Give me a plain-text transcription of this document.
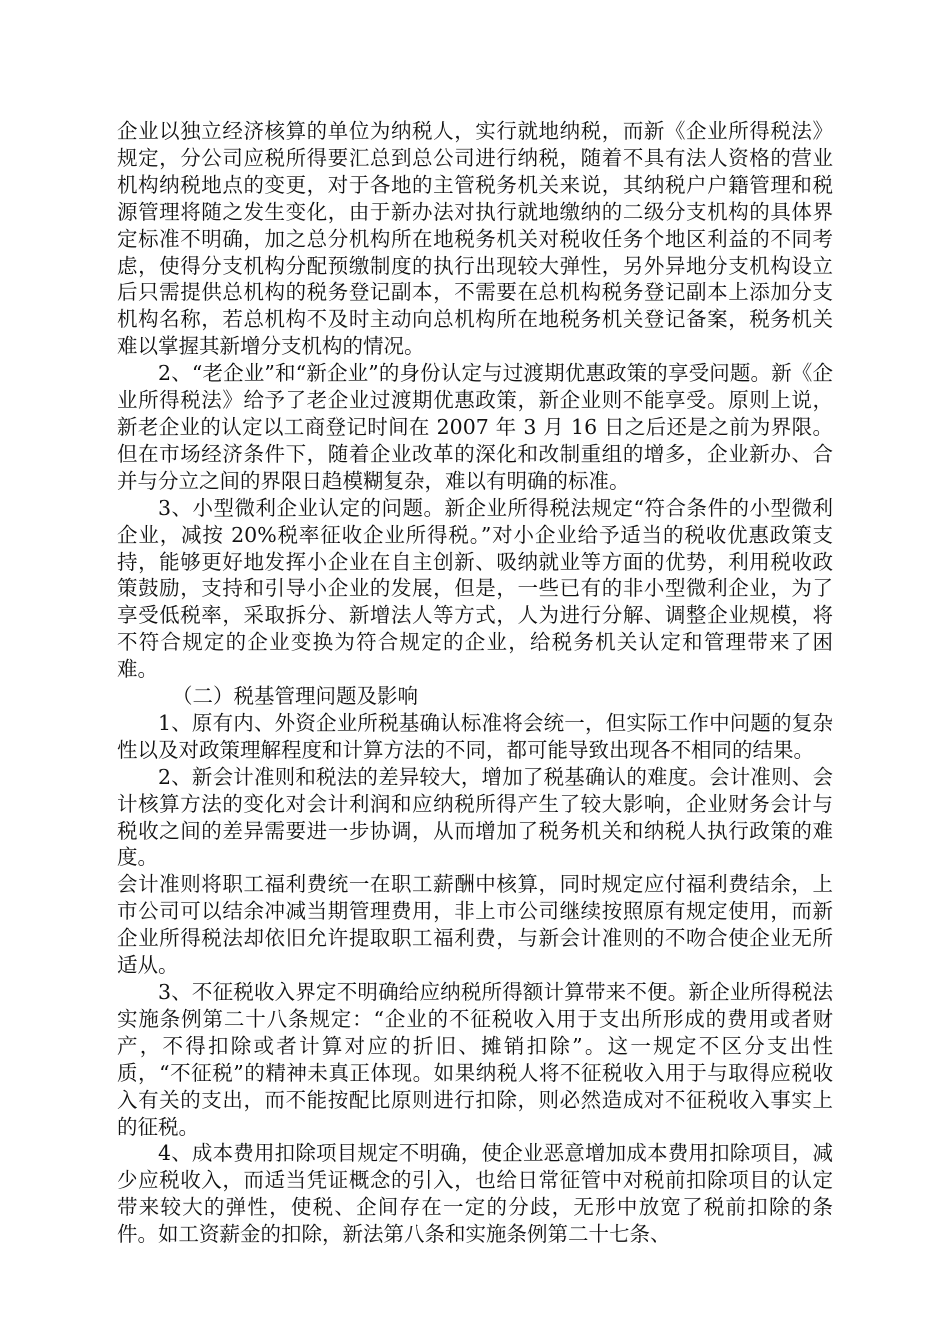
企业以独立经济核算的单位为纳税人，实行就地纳税，而新《企业所得税法》规定，分公司应税所得要汇总到总公司进行纳税，随着不具有法人资格的营业机构纳税地点的变更，对于各地的主管税务机关来说，其纳税户户籍管理和税源管理将随之发生变化，由于新办法对执行就地缴纳的二级分支机构的具体界定标准不明确，加之总分机构所在地税务机关对税收任务个地区利益的不同考虑，使得分支机构分配预缴制度的执行出现较大弹性，另外异地分支机构设立后只需提供总机构的税务登记副本，不需要在总机构税务登记副本上添加分支机构名称，若总机构不及时主动向总机构所在地税务机关登记备案，税务机关难以掌握其新增分支机构的情况。

2、“老企业”和“新企业”的身份认定与过渡期优惠政策的享受问题。新《企业所得税法》给予了老企业过渡期优惠政策，新企业则不能享受。原则上说，新老企业的认定以工商登记时间在 2007 年 3 月 16 日之后还是之前为界限。但在市场经济条件下，随着企业改革的深化和改制重组的增多，企业新办、合并与分立之间的界限日趋模糊复杂，难以有明确的标准。

3、小型微利企业认定的问题。新企业所得税法规定“符合条件的小型微利企业，减按 20%税率征收企业所得税。”对小企业给予适当的税收优惠政策支持，能够更好地发挥小企业在自主创新、吸纳就业等方面的优势，利用税收政策鼓励，支持和引导小企业的发展，但是，一些已有的非小型微利企业，为了享受低税率，采取拆分、新增法人等方式，人为进行分解、调整企业规模，将不符合规定的企业变换为符合规定的企业，给税务机关认定和管理带来了困难。

（二）税基管理问题及影响

1、原有内、外资企业所税基确认标准将会统一，但实际工作中问题的复杂性以及对政策理解程度和计算方法的不同，都可能导致出现各不相同的结果。

2、新会计准则和税法的差异较大，增加了税基确认的难度。会计准则、会计核算方法的变化对会计利润和应纳税所得产生了较大影响，企业财务会计与税收之间的差异需要进一步协调，从而增加了税务机关和纳税人执行政策的难度。

会计准则将职工福利费统一在职工薪酬中核算，同时规定应付福利费结余，上市公司可以结余冲减当期管理费用，非上市公司继续按照原有规定使用，而新企业所得税法却依旧允许提取职工福利费，与新会计准则的不吻合使企业无所适从。

3、不征税收入界定不明确给应纳税所得额计算带来不便。新企业所得税法实施条例第二十八条规定：“企业的不征税收入用于支出所形成的费用或者财产，不得扣除或者计算对应的折旧、摊销扣除”。这一规定不区分支出性质，“不征税”的精神未真正体现。如果纳税人将不征税收入用于与取得应税收入有关的支出，而不能按配比原则进行扣除，则必然造成对不征税收入事实上的征税。

4、成本费用扣除项目规定不明确，使企业恶意增加成本费用扣除项目，减少应税收入，而适当凭证概念的引入，也给日常征管中对税前扣除项目的认定带来较大的弹性，使税、企间存在一定的分歧，无形中放宽了税前扣除的条件。如工资薪金的扣除，新法第八条和实施条例第二十七条、
